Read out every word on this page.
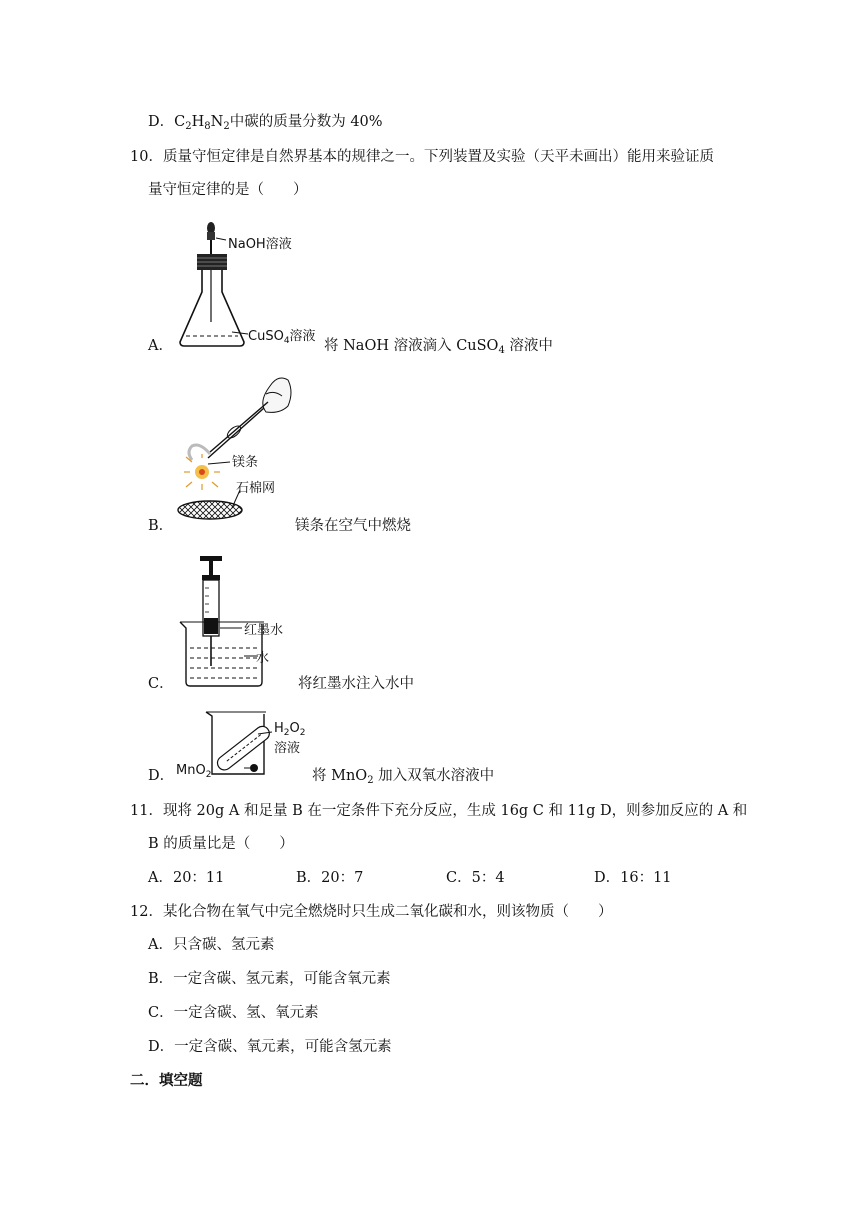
D．$C_2H_8N_2$中碳的质量分数为 40%
10．质量守恒定律是自然界基本的规律之一。下列装置及实验（天平未画出）能用来验证质
量守恒定律的是（　　）
NaOH溶液
CuSO$_4$溶液
A．	将 NaOH 溶液滴入 CuSO$_4$ 溶液中
镁条
石棉网
B．	镁条在空气中燃烧
红墨水
水
C．	将红墨水注入水中
$H_2O_2$
溶液
MnO$_2$
D．	将 MnO$_2$ 加入双氧水溶液中
11．现将 20g A 和足量 B 在一定条件下充分反应，生成 16g C 和 11g D，则参加反应的 A 和
B 的质量比是（　　）
A．20：11	B．20：7	C．5：4	D．16：11
12．某化合物在氧气中完全燃烧时只生成二氧化碳和水，则该物质（　　）
A．只含碳、氢元素
B．一定含碳、氢元素，可能含氧元素
C．一定含碳、氢、氧元素
D．一定含碳、氧元素，可能含氢元素
二．填空题
